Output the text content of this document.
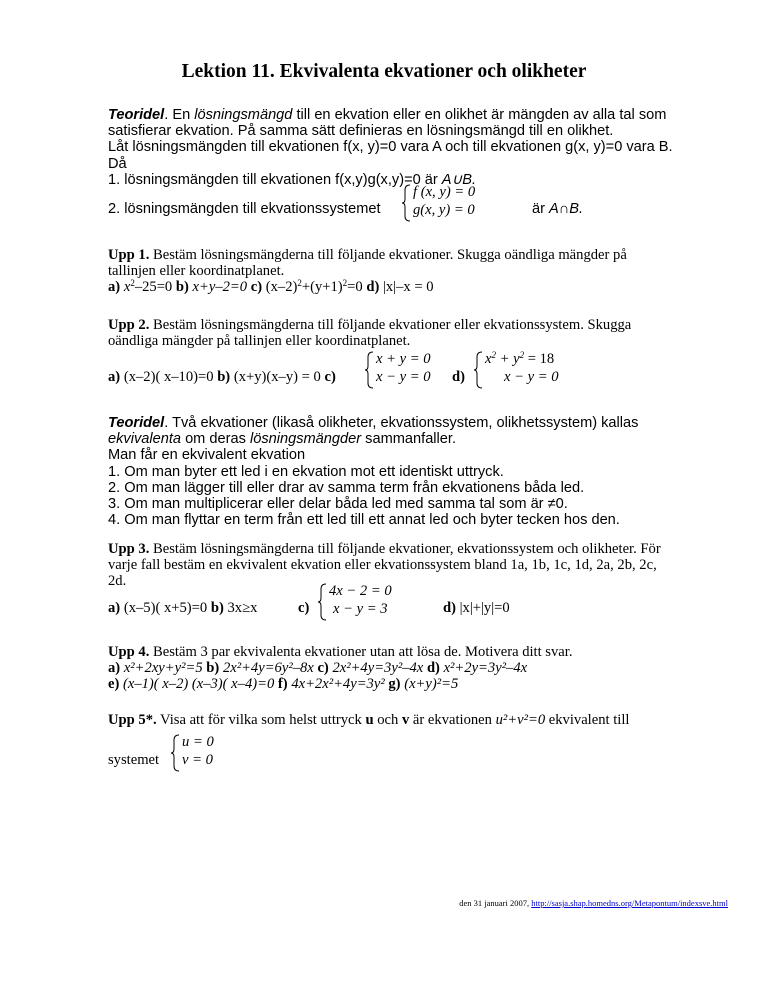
Lektion 11. Ekvivalenta ekvationer och olikheter
Teoridel. En lösningsmängd till en ekvation eller en olikhet är mängden av alla tal som
satisfierar ekvation. På samma sätt definieras en lösningsmängd till en olikhet.
Låt lösningsmängden till ekvationen f(x, y)=0 vara A och till ekvationen g(x, y)=0 vara B.
Då
1. lösningsmängden till ekvationen f(x,y)g(x,y)=0 är A∪B.
2. lösningsmängden till ekvationssystemet
f (x, y) = 0
g(x, y) = 0	är A∩B.
Upp 1. Bestäm lösningsmängderna till följande ekvationer. Skugga oändliga mängder på
tallinjen eller koordinatplanet.
a) $x^2-25=0$ b) x+y–2=0 c) $(x-2)^2+(y+1)^2=0$ d) |x|–x = 0
Upp 2. Bestäm lösningsmängderna till följande ekvationer eller ekvationssystem. Skugga
oändliga mängder på tallinjen eller koordinatplanet.
a) (x–2)( x–10)=0 b) (x+y)(x–y) = 0 c)
x + y = 0
x − y = 0 d)
$x^2 + y^2 = 18$
x − y = 0
Teoridel. Två ekvationer (likaså olikheter, ekvationssystem, olikhetssystem) kallas
ekvivalenta om deras lösningsmängder sammanfaller.
Man får en ekvivalent ekvation
1. Om man byter ett led i en ekvation mot ett identiskt uttryck.
2. Om man lägger till eller drar av samma term från ekvationens båda led.
3. Om man multiplicerar eller delar båda led med samma tal som är ≠0.
4. Om man flyttar en term från ett led till ett annat led och byter tecken hos den.
Upp 3. Bestäm lösningsmängderna till följande ekvationer, ekvationssystem och olikheter. För
varje fall bestäm en ekvivalent ekvation eller ekvationssystem bland 1a, 1b, 1c, 1d, 2a, 2b, 2c,
2d.
a) (x–5)( x+5)=0 b) 3x≥x	c)
4x − 2 = 0
x − y = 3	d) |x|+|y|=0
Upp 4. Bestäm 3 par ekvivalenta ekvationer utan att lösa de. Motivera ditt svar.
a) x²+2xy+y²=5 b) 2x²+4y=6y²–8x c) 2x²+4y=3y²–4x d) x²+2y=3y²–4x
e) (x–1)( x–2) (x–3)( x–4)=0 f) 4x+2x²+4y=3y² g) (x+y)²=5
Upp 5*. Visa att för vilka som helst uttryck u och v är ekvationen u²+v²=0 ekvivalent till
systemet
u = 0
v = 0
den 31 januari 2007, http://sasja.shap.homedns.org/Metapontum/indexsve.html
